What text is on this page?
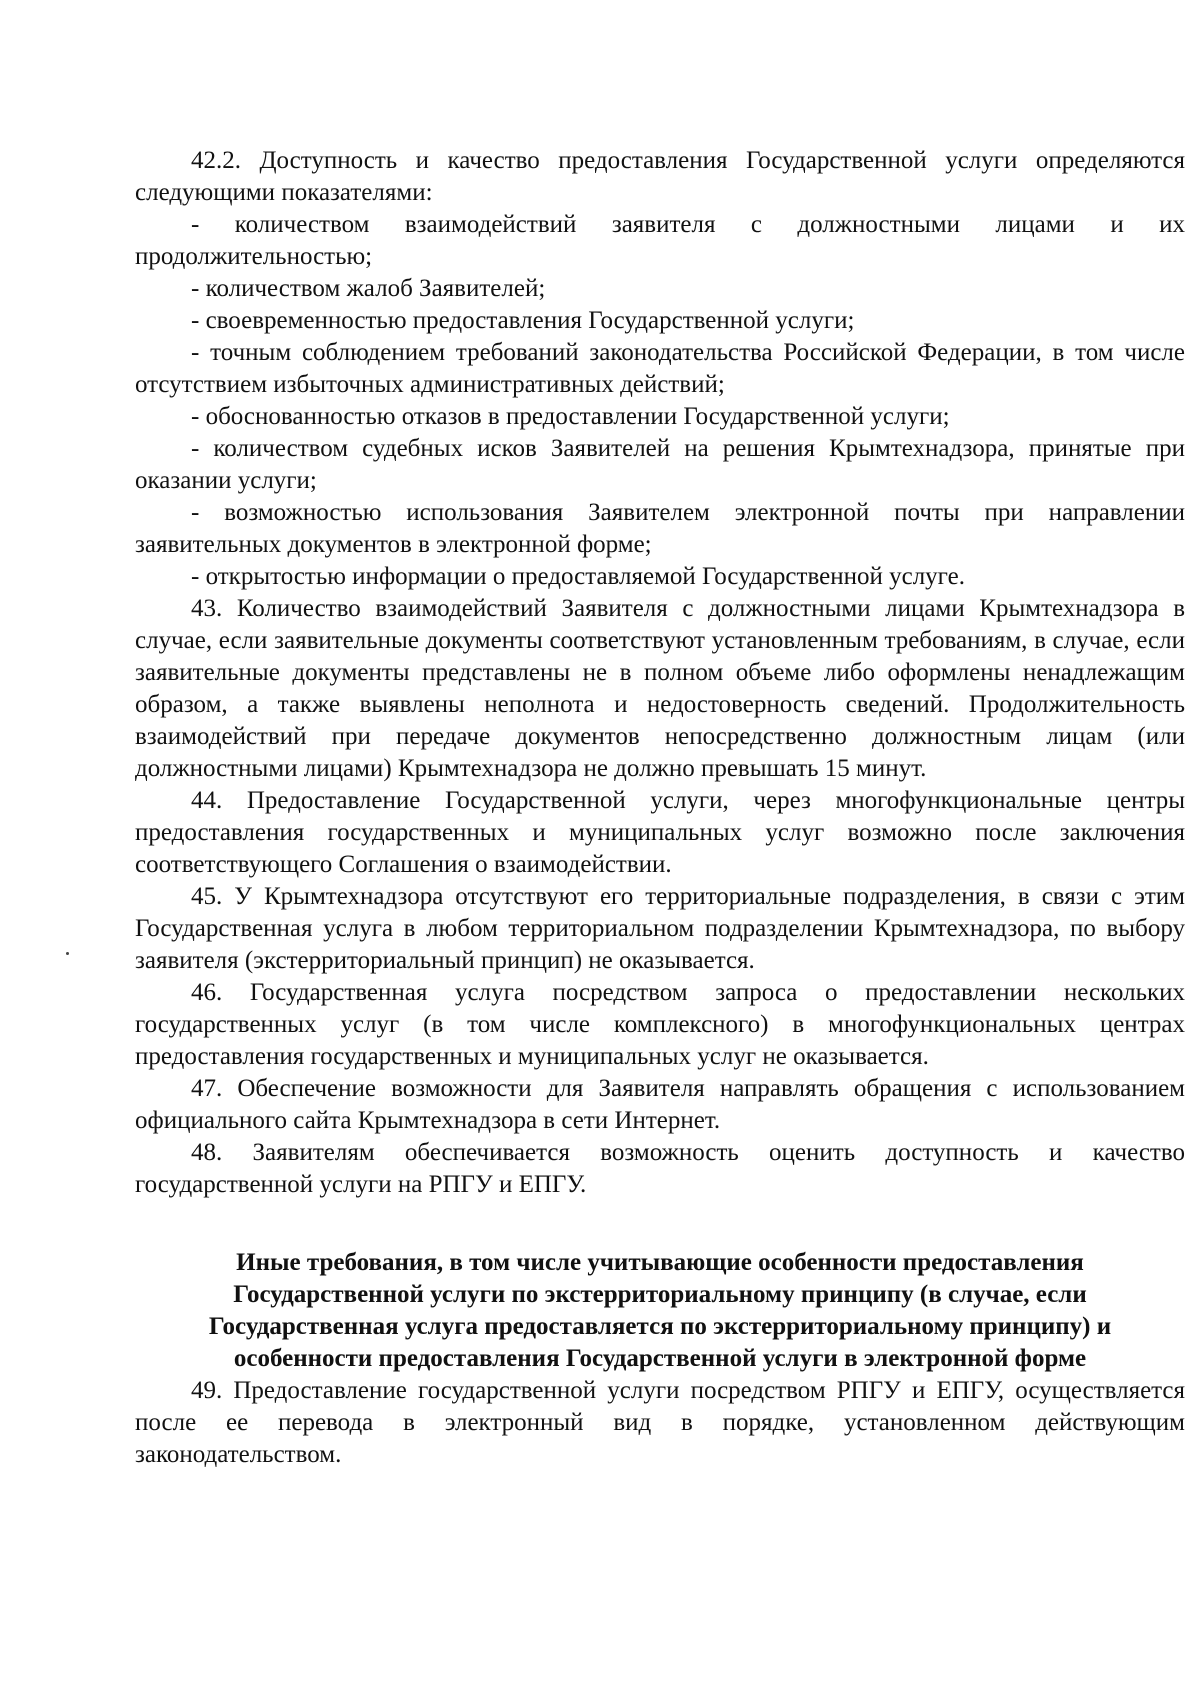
42.2. Доступность и качество предоставления Государственной услуги определяются следующими показателями:

- количеством взаимодействий заявителя с должностными лицами и их продолжительностью;

- количеством жалоб Заявителей;

- своевременностью предоставления Государственной услуги;

- точным соблюдением требований законодательства Российской Федерации, в том числе отсутствием избыточных административных действий;

- обоснованностью отказов в предоставлении Государственной услуги;

- количеством судебных исков Заявителей на решения Крымтехнадзора, принятые при оказании услуги;

- возможностью использования Заявителем электронной почты при направлении заявительных документов в электронной форме;

- открытостью информации о предоставляемой Государственной услуге.

43. Количество взаимодействий Заявителя с должностными лицами Крымтехнадзора в случае, если заявительные документы соответствуют установленным требованиям, в случае, если заявительные документы представлены не в полном объеме либо оформлены ненадлежащим образом, а также выявлены неполнота и недостоверность сведений. Продолжительность взаимодействий при передаче документов непосредственно должностным лицам (или должностными лицами) Крымтехнадзора не должно превышать 15 минут.

44. Предоставление Государственной услуги, через многофункциональные центры предоставления государственных и муниципальных услуг возможно после заключения соответствующего Соглашения о взаимодействии.

45. У Крымтехнадзора отсутствуют его территориальные подразделения, в связи с этим Государственная услуга в любом территориальном подразделении Крымтехнадзора, по выбору заявителя (экстерриториальный принцип) не оказывается.

46. Государственная услуга посредством запроса о предоставлении нескольких государственных услуг (в том числе комплексного) в многофункциональных центрах предоставления государственных и муниципальных услуг не оказывается.

47. Обеспечение возможности для Заявителя направлять обращения с использованием официального сайта Крымтехнадзора в сети Интернет.

48. Заявителям обеспечивается возможность оценить доступность и качество государственной услуги на РПГУ и ЕПГУ.

Иные требования, в том числе учитывающие особенности предоставления

Государственной услуги по экстерриториальному принципу (в случае, если

Государственная услуга предоставляется по экстерриториальному принципу) и

особенности предоставления Государственной услуги в электронной форме

49. Предоставление государственной услуги посредством РПГУ и ЕПГУ, осуществляется после ее перевода в электронный вид в порядке, установленном действующим законодательством.
